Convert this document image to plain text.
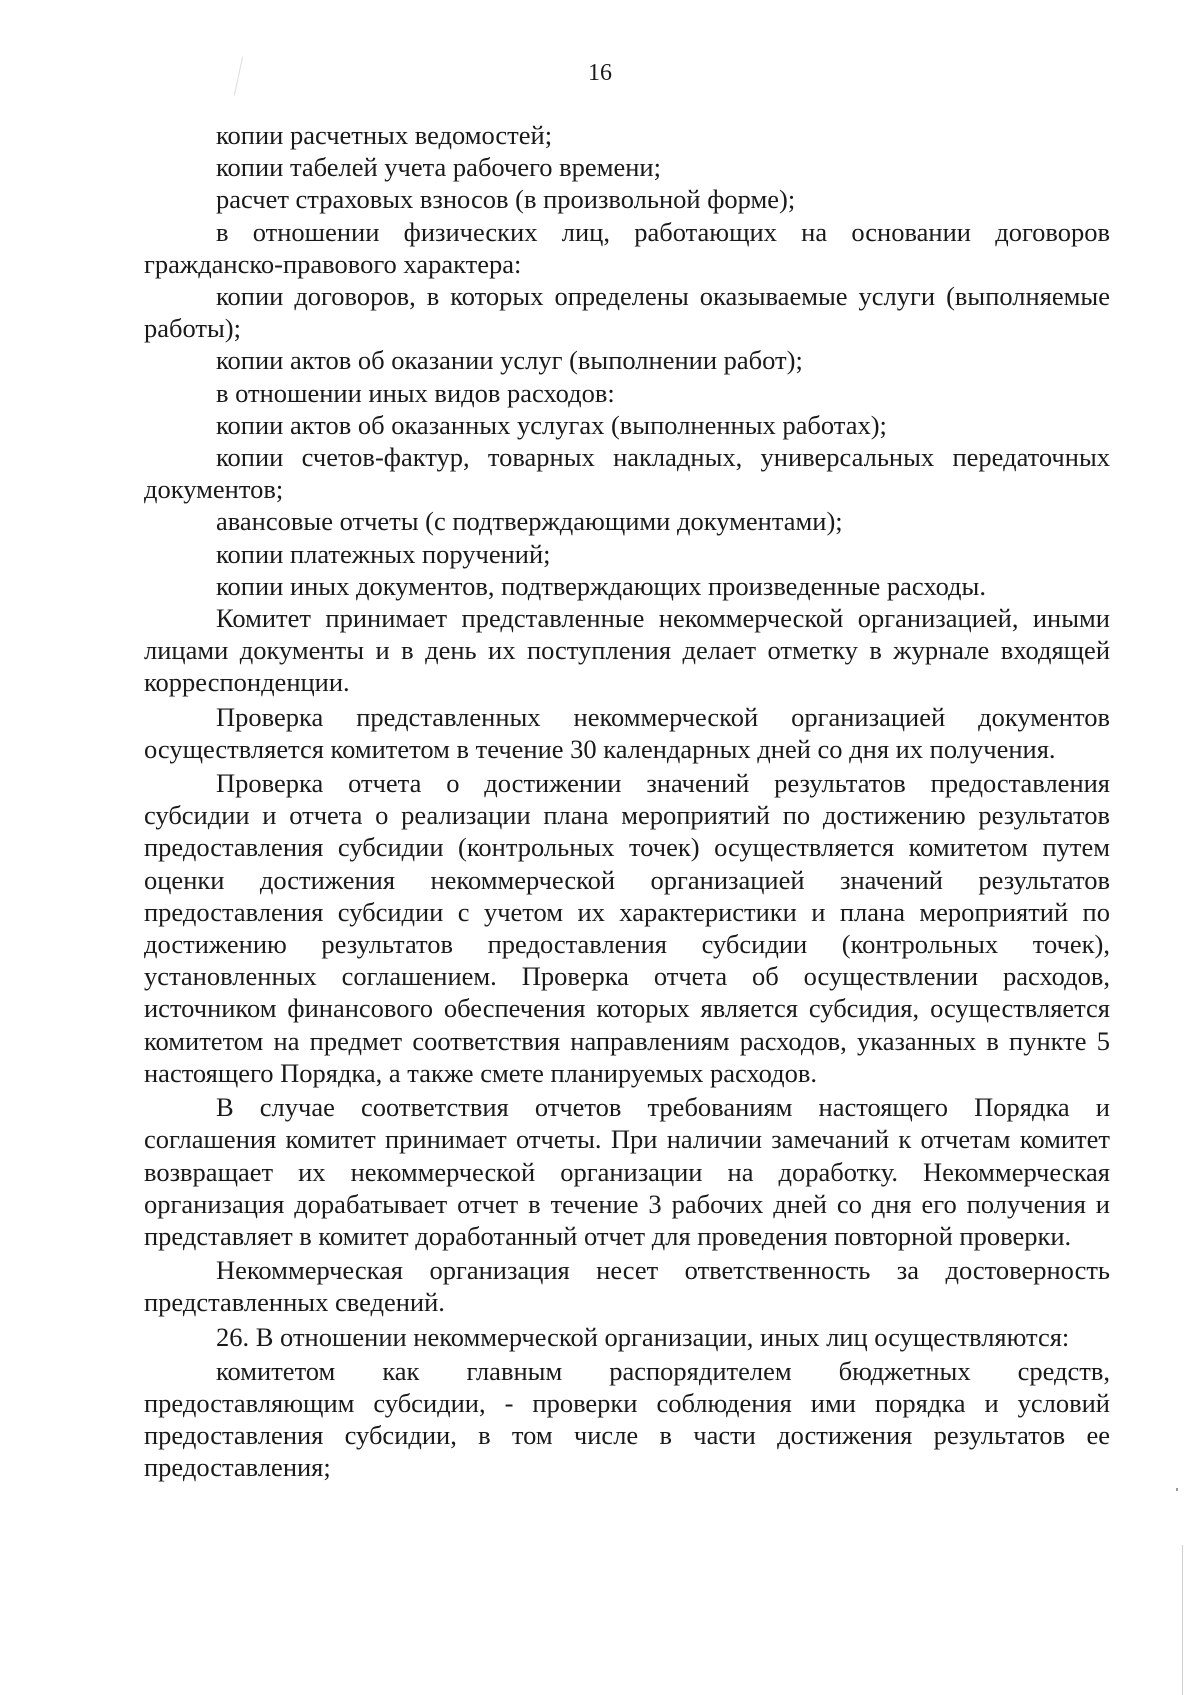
16

копии расчетных ведомостей;

копии табелей учета рабочего времени;

расчет страховых взносов (в произвольной форме);

в отношении физических лиц, работающих на основании договоров гражданско-правового характера:

копии договоров, в которых определены оказываемые услуги (выполняемые работы);

копии актов об оказании услуг (выполнении работ);

в отношении иных видов расходов:

копии актов об оказанных услугах (выполненных работах);

копии счетов-фактур, товарных накладных, универсальных передаточных документов;

авансовые отчеты (с подтверждающими документами);

копии платежных поручений;

копии иных документов, подтверждающих произведенные расходы.

Комитет принимает представленные некоммерческой организацией, иными лицами документы и в день их поступления делает отметку в журнале входящей корреспонденции.

Проверка представленных некоммерческой организацией документов осуществляется комитетом в течение 30 календарных дней со дня их получения.

Проверка отчета о достижении значений результатов предоставления субсидии и отчета о реализации плана мероприятий по достижению результатов предоставления субсидии (контрольных точек) осуществляется комитетом путем оценки достижения некоммерческой организацией значений результатов предоставления субсидии с учетом их характеристики и плана мероприятий по достижению результатов предоставления субсидии (контрольных точек), установленных соглашением. Проверка отчета об осуществлении расходов, источником финансового обеспечения которых является субсидия, осуществляется комитетом на предмет соответствия направлениям расходов, указанных в пункте 5 настоящего Порядка, а также смете планируемых расходов.

В случае соответствия отчетов требованиям настоящего Порядка и соглашения комитет принимает отчеты. При наличии замечаний к отчетам комитет возвращает их некоммерческой организации на доработку. Некоммерческая организация дорабатывает отчет в течение 3 рабочих дней со дня его получения и представляет в комитет доработанный отчет для проведения повторной проверки.

Некоммерческая организация несет ответственность за достоверность представленных сведений.

26. В отношении некоммерческой организации, иных лиц осуществляются:

комитетом как главным распорядителем бюджетных средств, предоставляющим субсидии, - проверки соблюдения ими порядка и условий предоставления субсидии, в том числе в части достижения результатов ее предоставления;
